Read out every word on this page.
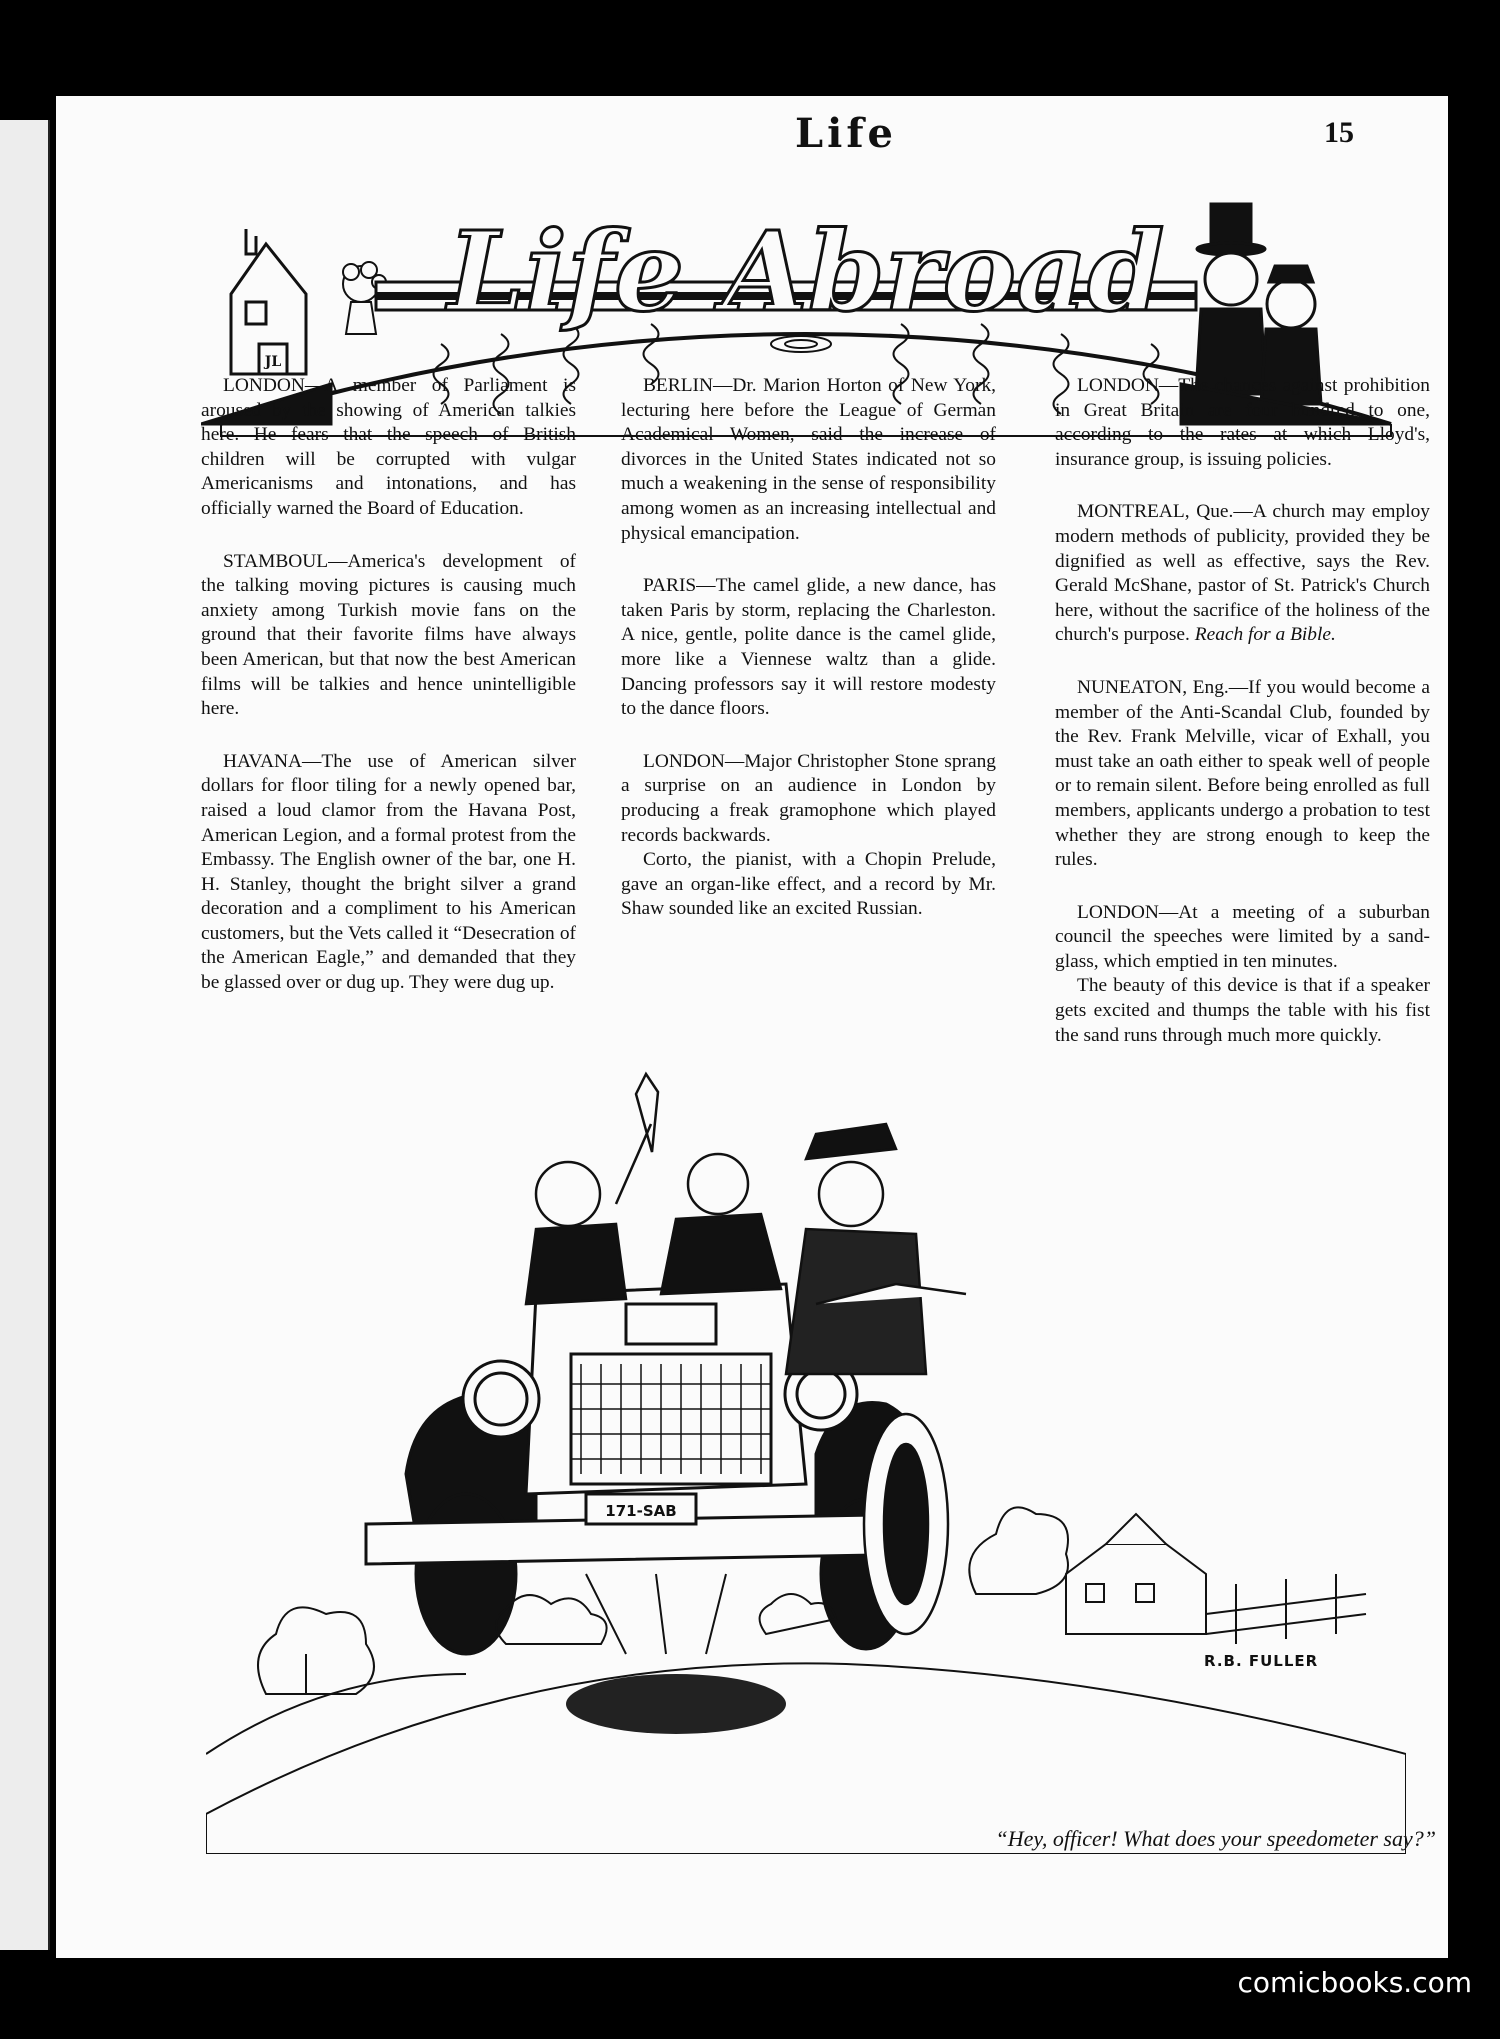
Life	15
JL
Life Abroad

LONDON—A member of Parliament is aroused by the showing of American talkies here. He fears that the speech of British children will be corrupted with vulgar Americanisms and intonations, and has officially warned the Board of Education.

STAMBOUL—America's development of the talking moving pictures is causing much anxiety among Turkish movie fans on the ground that their favorite films have always been American, but that now the best American films will be talkies and hence unintelligible here.

HAVANA—The use of American silver dollars for floor tiling for a newly opened bar, raised a loud clamor from the Havana Post, American Legion, and a formal protest from the Embassy. The English owner of the bar, one H. H. Stanley, thought the bright silver a grand decoration and a compliment to his American customers, but the Vets called it “Desecration of the American Eagle,” and demanded that they be glassed over or dug up. They were dug up.

BERLIN—Dr. Marion Horton of New York, lecturing here before the League of German Academical Women, said the increase of divorces in the United States indicated not so much a weakening in the sense of responsibility among women as an increasing intellectual and physical emancipation.

PARIS—The camel glide, a new dance, has taken Paris by storm, replacing the Charleston. A nice, gentle, polite dance is the camel glide, more like a Viennese waltz than a glide. Dancing professors say it will restore modesty to the dance floors.

LONDON—Major Christopher Stone sprang a surprise on an audience in London by producing a freak gramophone which played records backwards.

Corto, the pianist, with a Chopin Prelude, gave an organ-like effect, and a record by Mr. Shaw sounded like an excited Russian.

LONDON—The chances against prohibition in Great Britain are four hundred to one, according to the rates at which Lloyd's, insurance group, is issuing policies.

MONTREAL, Que.—A church may employ modern methods of publicity, provided they be dignified as well as effective, says the Rev. Gerald McShane, pastor of St. Patrick's Church here, without the sacrifice of the holiness of the church's purpose. Reach for a Bible.

NUNEATON, Eng.—If you would become a member of the Anti-Scandal Club, founded by the Rev. Frank Melville, vicar of Exhall, you must take an oath either to speak well of people or to remain silent. Before being enrolled as full members, applicants undergo a probation to test whether they are strong enough to keep the rules.

LONDON—At a meeting of a suburban council the speeches were limited by a sand-glass, which emptied in ten minutes.

The beauty of this device is that if a speaker gets excited and thumps the table with his fist the sand runs through much more quickly.

171-SAB
R.B. FULLER
“Hey, officer! What does your speedometer say?”
comicbooks.com
